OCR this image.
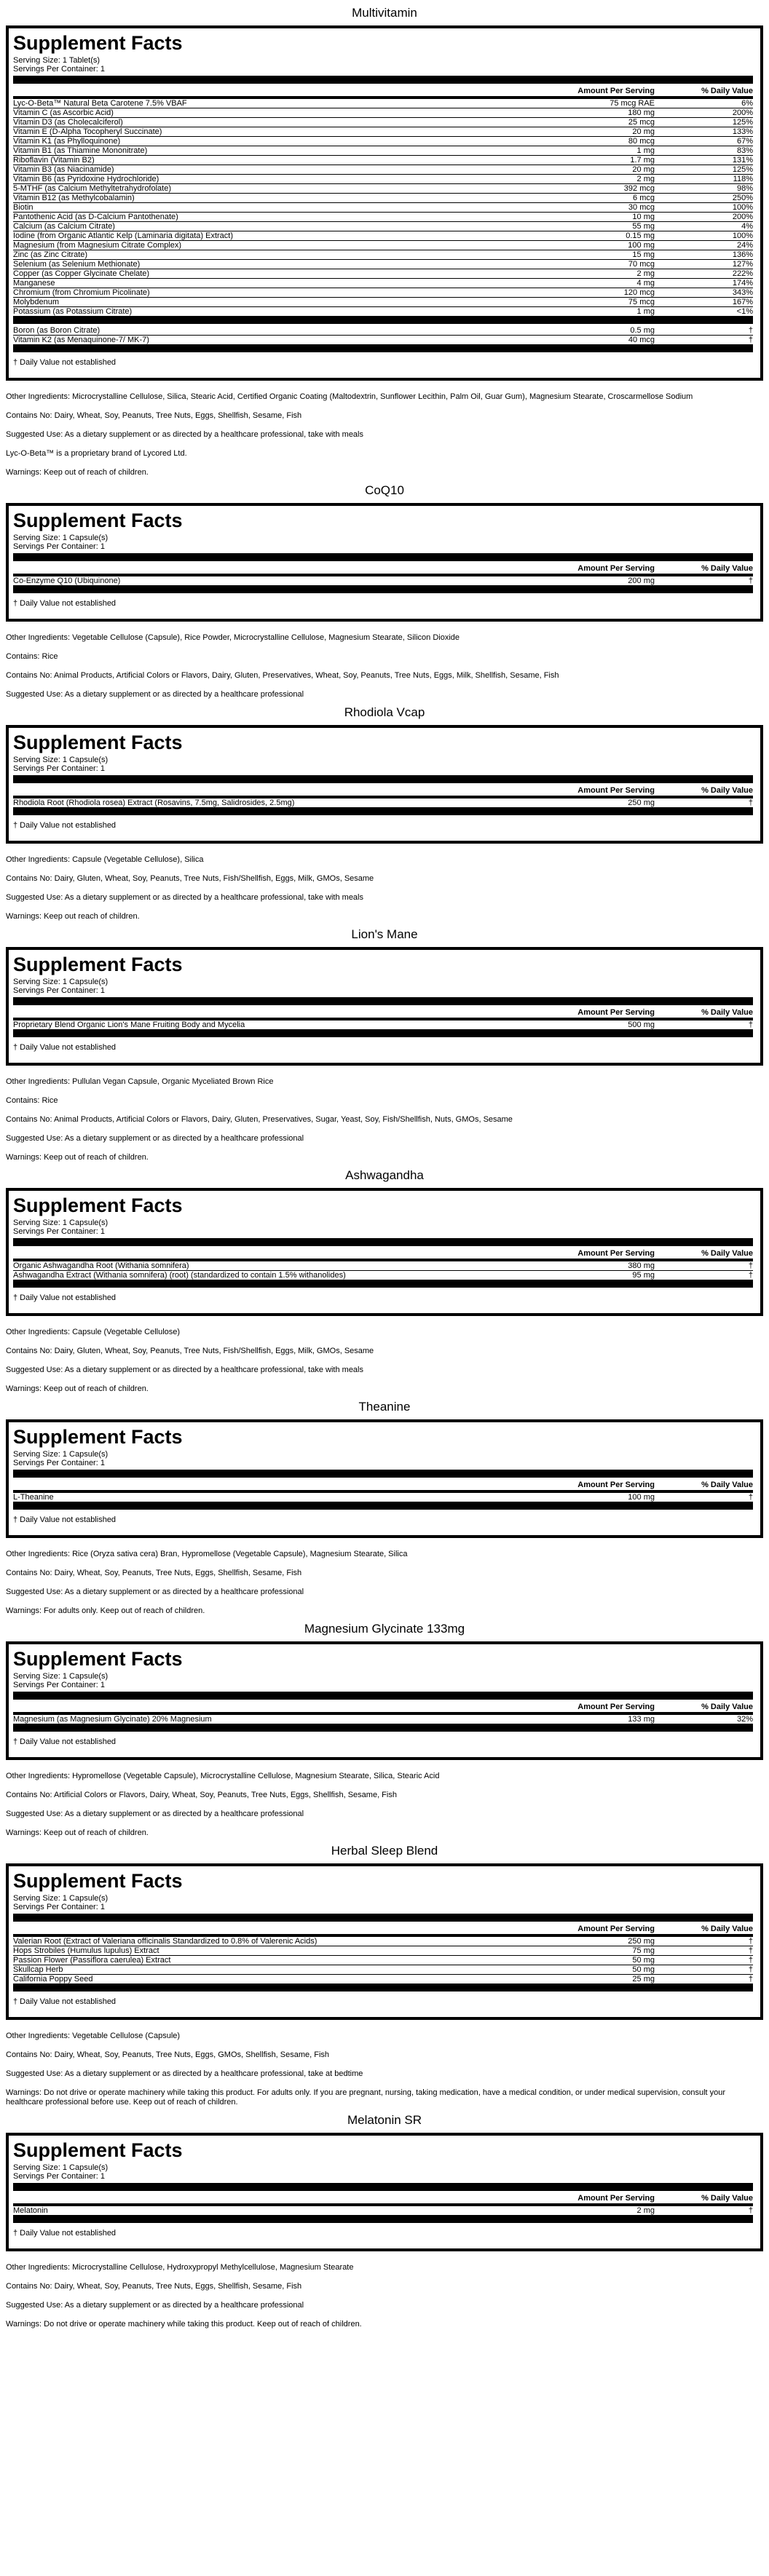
Multivitamin
Supplement Facts
Serving Size: 1 Tablet(s)
Servings Per Container: 1
	Amount Per Serving	% Daily Value
Lyc-O-Beta™ Natural Beta Carotene 7.5% VBAF	75 mcg RAE	6%
Vitamin C (as Ascorbic Acid)	180 mg	200%
Vitamin D3 (as Cholecalciferol)	25 mcg	125%
Vitamin E (D-Alpha Tocopheryl Succinate)	20 mg	133%
Vitamin K1 (as Phylloquinone)	80 mcg	67%
Vitamin B1 (as Thiamine Mononitrate)	1 mg	83%
Riboflavin (Vitamin B2)	1.7 mg	131%
Vitamin B3 (as Niacinamide)	20 mg	125%
Vitamin B6 (as Pyridoxine Hydrochloride)	2 mg	118%
5-MTHF (as Calcium Methyltetrahydrofolate)	392 mcg	98%
Vitamin B12 (as Methylcobalamin)	6 mcg	250%
Biotin	30 mcg	100%
Pantothenic Acid (as D-Calcium Pantothenate)	10 mg	200%
Calcium (as Calcium Citrate)	55 mg	4%
Iodine (from Organic Atlantic Kelp (Laminaria digitata) Extract)	0.15 mg	100%
Magnesium (from Magnesium Citrate Complex)	100 mg	24%
Zinc (as Zinc Citrate)	15 mg	136%
Selenium (as Selenium Methionate)	70 mcg	127%
Copper (as Copper Glycinate Chelate)	2 mg	222%
Manganese	4 mg	174%
Chromium (from Chromium Picolinate)	120 mcg	343%
Molybdenum	75 mcg	167%
Potassium (as Potassium Citrate)	1 mg	<1%
Boron (as Boron Citrate)	0.5 mg	†
Vitamin K2 (as Menaquinone-7/ MK-7)	40 mcg	†
† Daily Value not established

Other Ingredients: Microcrystalline Cellulose, Silica, Stearic Acid, Certified Organic Coating (Maltodextrin, Sunflower Lecithin, Palm Oil, Guar Gum), Magnesium Stearate, Croscarmellose Sodium

Contains No: Dairy, Wheat, Soy, Peanuts, Tree Nuts, Eggs, Shellfish, Sesame, Fish

Suggested Use: As a dietary supplement or as directed by a healthcare professional, take with meals

Lyc-O-Beta™ is a proprietary brand of Lycored Ltd.

Warnings: Keep out of reach of children.

CoQ10
Supplement Facts
Serving Size: 1 Capsule(s)
Servings Per Container: 1
	Amount Per Serving	% Daily Value
Co-Enzyme Q10 (Ubiquinone)	200 mg	†
† Daily Value not established

Other Ingredients: Vegetable Cellulose (Capsule), Rice Powder, Microcrystalline Cellulose, Magnesium Stearate, Silicon Dioxide

Contains: Rice

Contains No: Animal Products, Artificial Colors or Flavors, Dairy, Gluten, Preservatives, Wheat, Soy, Peanuts, Tree Nuts, Eggs, Milk, Shellfish, Sesame, Fish

Suggested Use: As a dietary supplement or as directed by a healthcare professional

Rhodiola Vcap
Supplement Facts
Serving Size: 1 Capsule(s)
Servings Per Container: 1
	Amount Per Serving	% Daily Value
Rhodiola Root (Rhodiola rosea) Extract (Rosavins, 7.5mg, Salidrosides, 2.5mg)	250 mg	†
† Daily Value not established

Other Ingredients: Capsule (Vegetable Cellulose), Silica

Contains No: Dairy, Gluten, Wheat, Soy, Peanuts, Tree Nuts, Fish/Shellfish, Eggs, Milk, GMOs, Sesame

Suggested Use: As a dietary supplement or as directed by a healthcare professional, take with meals

Warnings: Keep out reach of children.

Lion's Mane
Supplement Facts
Serving Size: 1 Capsule(s)
Servings Per Container: 1
	Amount Per Serving	% Daily Value
Proprietary Blend Organic Lion's Mane Fruiting Body and Mycelia	500 mg	†
† Daily Value not established

Other Ingredients: Pullulan Vegan Capsule, Organic Myceliated Brown Rice

Contains: Rice

Contains No: Animal Products, Artificial Colors or Flavors, Dairy, Gluten, Preservatives, Sugar, Yeast, Soy, Fish/Shellfish, Nuts, GMOs, Sesame

Suggested Use: As a dietary supplement or as directed by a healthcare professional

Warnings: Keep out of reach of children.

Ashwagandha
Supplement Facts
Serving Size: 1 Capsule(s)
Servings Per Container: 1
	Amount Per Serving	% Daily Value
Organic Ashwagandha Root (Withania somnifera)	380 mg	†
Ashwagandha Extract (Withania somnifera) (root) (standardized to contain 1.5% withanolides)	95 mg	†
† Daily Value not established

Other Ingredients: Capsule (Vegetable Cellulose)

Contains No: Dairy, Gluten, Wheat, Soy, Peanuts, Tree Nuts, Fish/Shellfish, Eggs, Milk, GMOs, Sesame

Suggested Use: As a dietary supplement or as directed by a healthcare professional, take with meals

Warnings: Keep out of reach of children.

Theanine
Supplement Facts
Serving Size: 1 Capsule(s)
Servings Per Container: 1
	Amount Per Serving	% Daily Value
L-Theanine	100 mg	†
† Daily Value not established

Other Ingredients: Rice (Oryza sativa cera) Bran, Hypromellose (Vegetable Capsule), Magnesium Stearate, Silica

Contains No: Dairy, Wheat, Soy, Peanuts, Tree Nuts, Eggs, Shellfish, Sesame, Fish

Suggested Use: As a dietary supplement or as directed by a healthcare professional

Warnings: For adults only. Keep out of reach of children.

Magnesium Glycinate 133mg
Supplement Facts
Serving Size: 1 Capsule(s)
Servings Per Container: 1
	Amount Per Serving	% Daily Value
Magnesium (as Magnesium Glycinate) 20% Magnesium	133 mg	32%
† Daily Value not established

Other Ingredients: Hypromellose (Vegetable Capsule), Microcrystalline Cellulose, Magnesium Stearate, Silica, Stearic Acid

Contains No: Artificial Colors or Flavors, Dairy, Wheat, Soy, Peanuts, Tree Nuts, Eggs, Shellfish, Sesame, Fish

Suggested Use: As a dietary supplement or as directed by a healthcare professional

Warnings: Keep out of reach of children.

Herbal Sleep Blend
Supplement Facts
Serving Size: 1 Capsule(s)
Servings Per Container: 1
	Amount Per Serving	% Daily Value
Valerian Root (Extract of Valeriana officinalis Standardized to 0.8% of Valerenic Acids)	250 mg	†
Hops Strobiles (Humulus lupulus) Extract	75 mg	†
Passion Flower (Passiflora caerulea) Extract	50 mg	†
Skullcap Herb	50 mg	†
California Poppy Seed	25 mg	†
† Daily Value not established

Other Ingredients: Vegetable Cellulose (Capsule)

Contains No: Dairy, Wheat, Soy, Peanuts, Tree Nuts, Eggs, GMOs, Shellfish, Sesame, Fish

Suggested Use: As a dietary supplement or as directed by a healthcare professional, take at bedtime

Warnings: Do not drive or operate machinery while taking this product. For adults only. If you are pregnant, nursing, taking medication, have a medical condition, or under medical supervision, consult your healthcare professional before use. Keep out of reach of children.

Melatonin SR
Supplement Facts
Serving Size: 1 Capsule(s)
Servings Per Container: 1
	Amount Per Serving	% Daily Value
Melatonin	2 mg	†
† Daily Value not established

Other Ingredients: Microcrystalline Cellulose, Hydroxypropyl Methylcellulose, Magnesium Stearate

Contains No: Dairy, Wheat, Soy, Peanuts, Tree Nuts, Eggs, Shellfish, Sesame, Fish

Suggested Use: As a dietary supplement or as directed by a healthcare professional

Warnings: Do not drive or operate machinery while taking this product. Keep out of reach of children.
